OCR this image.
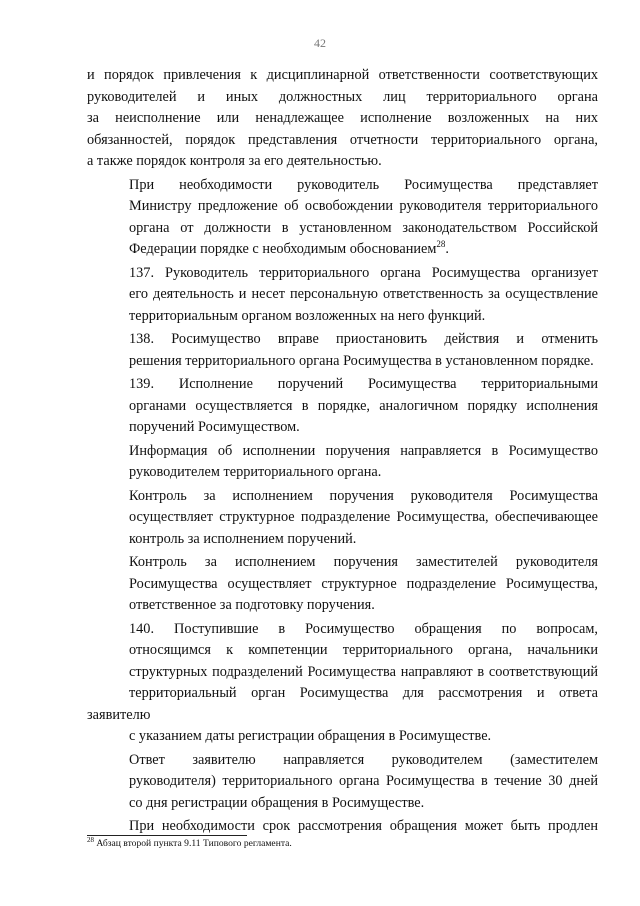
42

и порядок привлечения к дисциплинарной ответственности соответствующих
руководителей и иных должностных лиц территориального органа
за неисполнение или ненадлежащее исполнение возложенных на них
обязанностей, порядок представления отчетности территориального органа,
а также порядок контроля за его деятельностью.

При необходимости руководитель Росимущества представляет
Министру предложение об освобождении руководителя территориального
органа от должности в установленном законодательством Российской
Федерации порядке с необходимым обоснованием$^{28}$.

137. Руководитель территориального органа Росимущества организует
его деятельность и несет персональную ответственность за осуществление
территориальным органом возложенных на него функций.

138. Росимущество вправе приостановить действия и отменить
решения территориального органа Росимущества в установленном порядке.

139. Исполнение поручений Росимущества территориальными
органами осуществляется в порядке, аналогичном порядку исполнения
поручений Росимуществом.

Информация об исполнении поручения направляется в Росимущество
руководителем территориального органа.

Контроль за исполнением поручения руководителя Росимущества
осуществляет структурное подразделение Росимущества, обеспечивающее
контроль за исполнением поручений.

Контроль за исполнением поручения заместителей руководителя
Росимущества осуществляет структурное подразделение Росимущества,
ответственное за подготовку поручения.

140. Поступившие в Росимущество обращения по вопросам,
относящимся к компетенции территориального органа, начальники
структурных подразделений Росимущества направляют в соответствующий
территориальный орган Росимущества для рассмотрения и ответа заявителю
с указанием даты регистрации обращения в Росимуществе.

Ответ заявителю направляется руководителем (заместителем
руководителя) территориального органа Росимущества в течение 30 дней
со дня регистрации обращения в Росимуществе.

При необходимости срок рассмотрения обращения может быть продлен

$^{28}$ Абзац второй пункта 9.11 Типового регламента.
